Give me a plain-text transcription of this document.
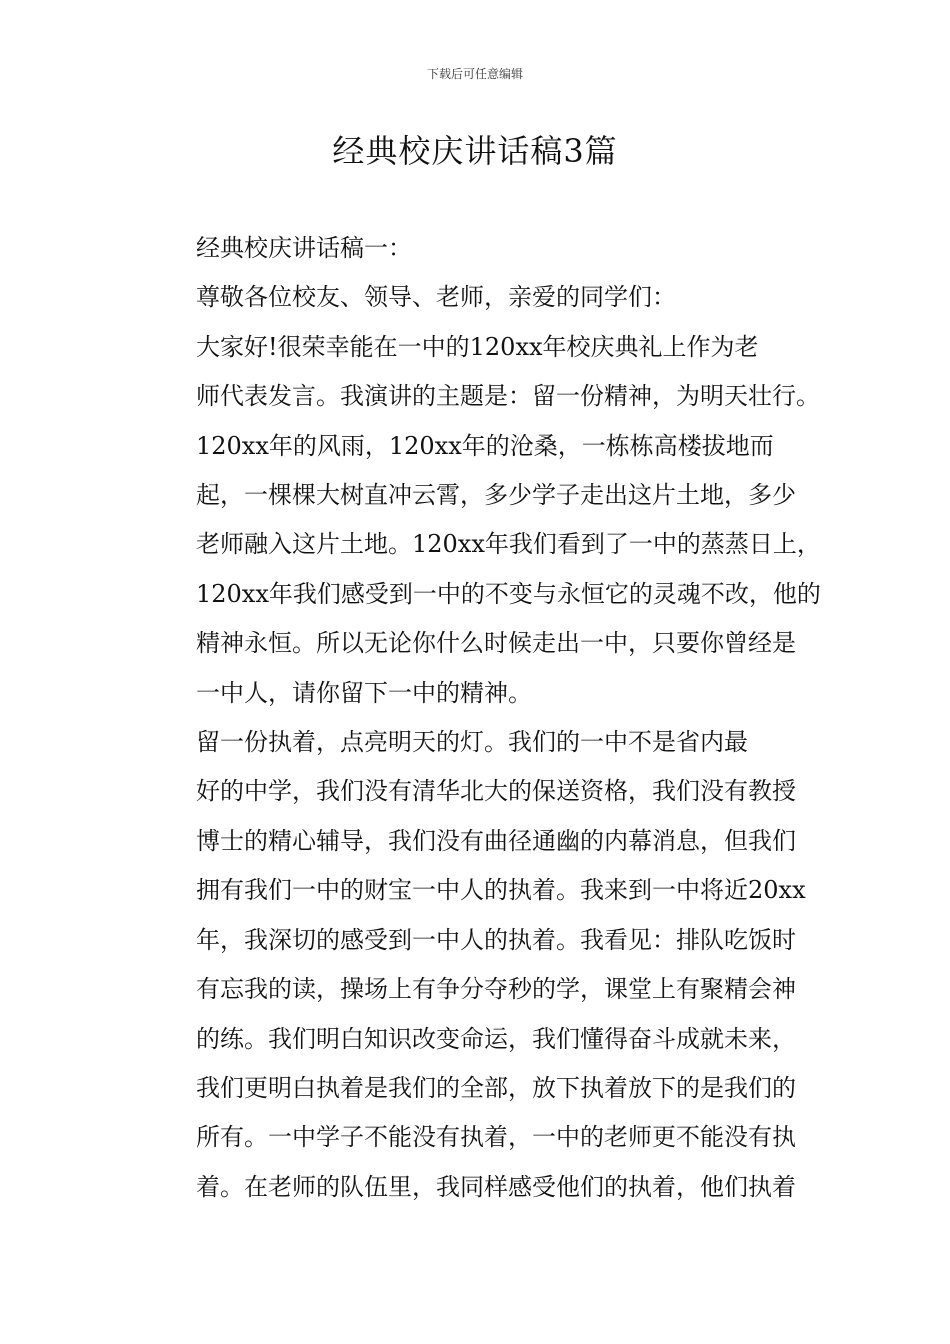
下载后可任意编辑
经典校庆讲话稿3篇

经典校庆讲话稿一：

尊敬各位校友、领导、老师，亲爱的同学们：

大家好!很荣幸能在一中的120xx年校庆典礼上作为老
师代表发言。我演讲的主题是：留一份精神，为明天壮行。

120xx年的风雨，120xx年的沧桑，一栋栋高楼拔地而
起，一棵棵大树直冲云霄，多少学子走出这片土地，多少
老师融入这片土地。120xx年我们看到了一中的蒸蒸日上，
120xx年我们感受到一中的不变与永恒它的灵魂不改，他的
精神永恒。所以无论你什么时候走出一中，只要你曾经是
一中人，请你留下一中的精神。

留一份执着，点亮明天的灯。我们的一中不是省内最
好的中学，我们没有清华北大的保送资格，我们没有教授
博士的精心辅导，我们没有曲径通幽的内幕消息，但我们
拥有我们一中的财宝一中人的执着。我来到一中将近20xx
年，我深切的感受到一中人的执着。我看见：排队吃饭时
有忘我的读，操场上有争分夺秒的学，课堂上有聚精会神
的练。我们明白知识改变命运，我们懂得奋斗成就未来，
我们更明白执着是我们的全部，放下执着放下的是我们的
所有。一中学子不能没有执着，一中的老师更不能没有执
着。在老师的队伍里，我同样感受他们的执着，他们执着
